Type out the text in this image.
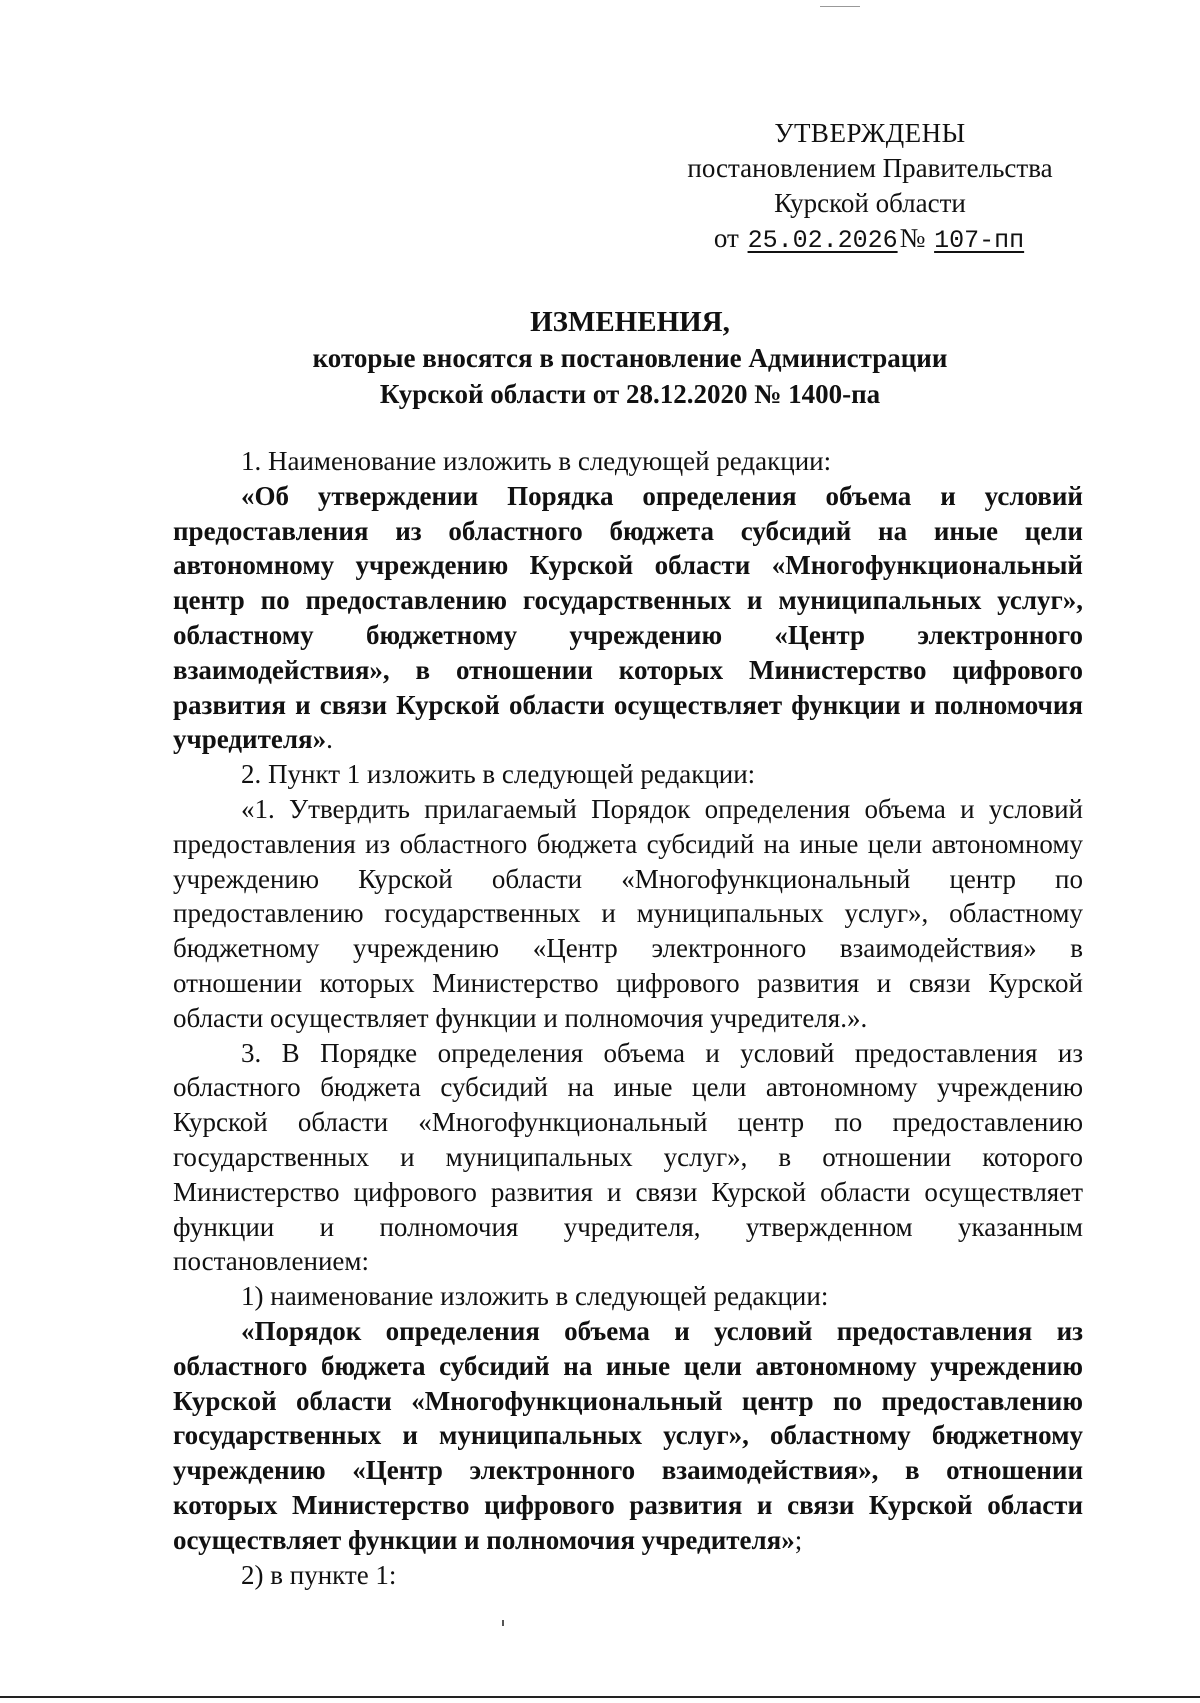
УТВЕРЖДЕНЫ
постановлением Правительства
Курской области
от 25.02.2026№ 107-пп
ИЗМЕНЕНИЯ,
которые вносятся в постановление Администрации
Курской области от 28.12.2020 № 1400-па

1. Наименование изложить в следующей редакции:

«Об утверждении Порядка определения объема и условий предоставления из областного бюджета субсидий на иные цели автономному учреждению Курской области «Многофункциональный центр по предоставлению государственных и муниципальных услуг», областному бюджетному учреждению «Центр электронного взаимодействия», в отношении которых Министерство цифрового развития и связи Курской области осуществляет функции и полномочия учредителя».

2. Пункт 1 изложить в следующей редакции:

«1. Утвердить прилагаемый Порядок определения объема и условий предоставления из областного бюджета субсидий на иные цели автономному учреждению Курской области «Многофункциональный центр по предоставлению государственных и муниципальных услуг», областному бюджетному учреждению «Центр электронного взаимодействия» в отношении которых Министерство цифрового развития и связи Курской области осуществляет функции и полномочия учредителя.».

3. В Порядке определения объема и условий предоставления из областного бюджета субсидий на иные цели автономному учреждению Курской области «Многофункциональный центр по предоставлению государственных и муниципальных услуг», в отношении которого Министерство цифрового развития и связи Курской области осуществляет функции и полномочия учредителя, утвержденном указанным постановлением:

1) наименование изложить в следующей редакции:

«Порядок определения объема и условий предоставления из областного бюджета субсидий на иные цели автономному учреждению Курской области «Многофункциональный центр по предоставлению государственных и муниципальных услуг», областному бюджетному учреждению «Центр электронного взаимодействия», в отношении которых Министерство цифрового развития и связи Курской области осуществляет функции и полномочия учредителя»;

2) в пункте 1:
